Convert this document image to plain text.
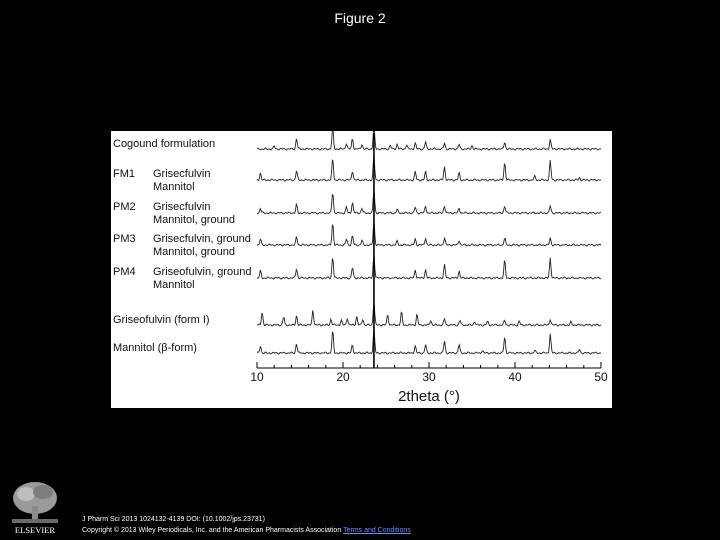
Figure 2
Cogound formulation
FM1 Grisecfulvin
Mannitol
PM2 Grisecfulvin
Mannitol, ground
PM3 Grisecfulvin, ground
Mannitol, ground
PM4 Griseofulvin, ground
Mannitol
Griseofulvin (form I)
Mannitol (β-form)
10	20	30	40	50
2theta (°)
ELSEVIER
J Pharm Sci 2013 1024132-4139 DOI: (10.1002/jps.23731)
Copyright © 2013 Wiley Periodicals, Inc. and the American Pharmacists Association Terms and Conditions
